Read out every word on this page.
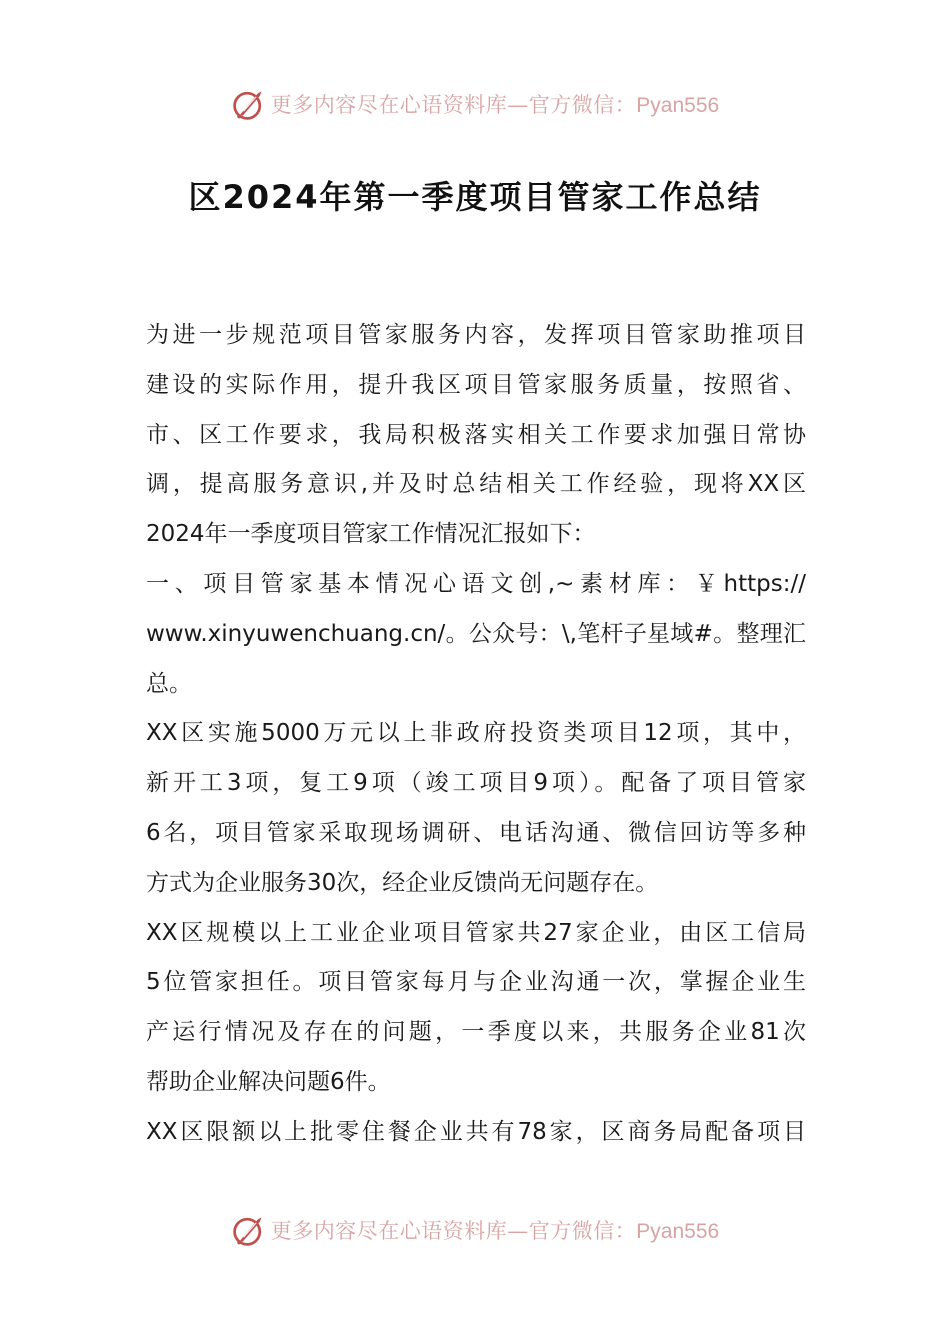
更多内容尽在心语资料库—官方微信：Pyan556
区2024年第一季度项目管家工作总结
为进一步规范项目管家服务内容，发挥项目管家助推项目
建设的实际作用，提升我区项目管家服务质量，按照省、
市、区工作要求，我局积极落实相关工作要求加强日常协
调，提高服务意识,并及时总结相关工作经验，现将XX区
2024年一季度项目管家工作情况汇报如下：
一、项目管家基本情况心语文创,~素材库：￥https://
www.xinyuwenchuang.cn/。公众号：\,笔杆子星域#。整理汇
总。
XX区实施5000万元以上非政府投资类项目12项，其中，
新开工3项，复工9项（竣工项目9项）。配备了项目管家
6名，项目管家采取现场调研、电话沟通、微信回访等多种
方式为企业服务30次，经企业反馈尚无问题存在。
XX区规模以上工业企业项目管家共27家企业，由区工信局
5位管家担任。项目管家每月与企业沟通一次，掌握企业生
产运行情况及存在的问题，一季度以来，共服务企业81次
帮助企业解决问题6件。
XX区限额以上批零住餐企业共有78家，区商务局配备项目
更多内容尽在心语资料库—官方微信：Pyan556
